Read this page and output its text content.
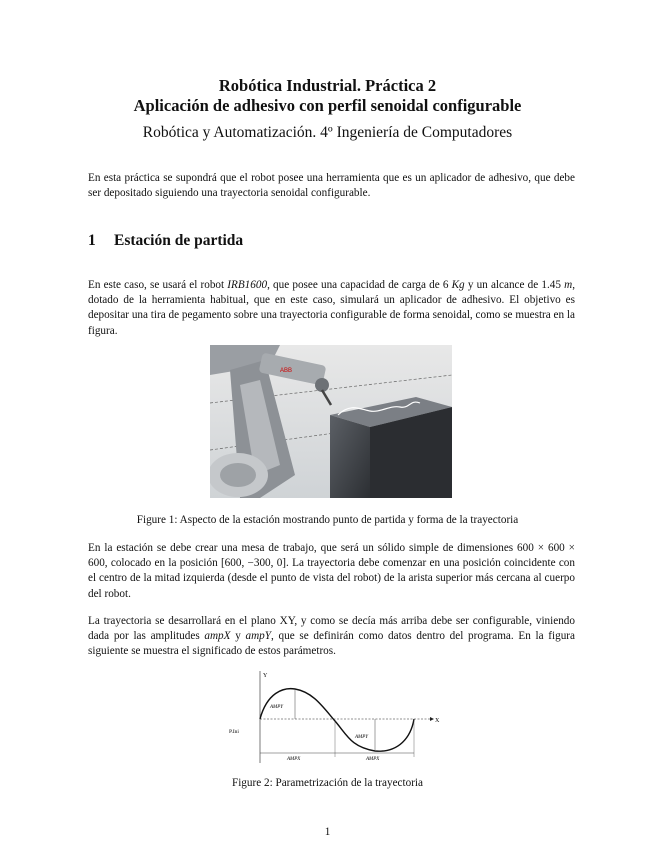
Robótica Industrial. Práctica 2
Aplicación de adhesivo con perfil senoidal configurable
Robótica y Automatización. 4º Ingeniería de Computadores
En esta práctica se supondrá que el robot posee una herramienta que es un aplicador de adhesivo, que debe ser depositado siguiendo una trayectoria senoidal configurable.
1 Estación de partida
En este caso, se usará el robot IRB1600, que posee una capacidad de carga de 6 Kg y un alcance de 1.45 m, dotado de la herramienta habitual, que en este caso, simulará un aplicador de adhesivo. El objetivo es depositar una tira de pegamento sobre una trayectoria configurable de forma senoidal, como se muestra en la figura.
ABB
Figure 1: Aspecto de la estación mostrando punto de partida y forma de la trayectoria
En la estación se debe crear una mesa de trabajo, que será un sólido simple de dimensiones 600 × 600 × 600, colocado en la posición [600, −300, 0]. La trayectoria debe comenzar en una posición coincidente con el centro de la mitad izquierda (desde el punto de vista del robot) de la arista superior más cercana al cuerpo del robot.
La trayectoria se desarrollará en el plano XY, y como se decía más arriba debe ser configurable, viniendo dada por las amplitudes ampX y ampY, que se definirán como datos dentro del programa. En la figura siguiente se muestra el significado de estos parámetros.
Y
X
P.Ini
AMPY
AMPY
AMPX	AMPX
Figure 2: Parametrización de la trayectoria
1
